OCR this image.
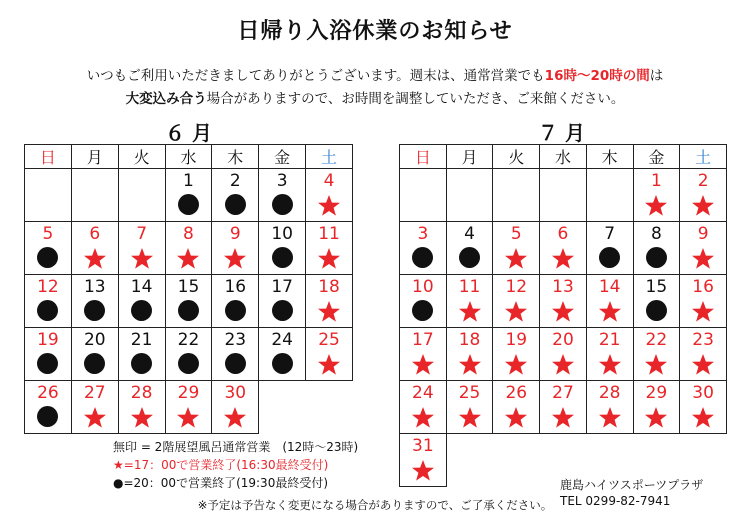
日帰り入浴休業のお知らせ
いつもご利用いただきましてありがとうございます。週末は、通常営業でも16時～20時の間は
大変込み合う場合がありますので、お時間を調整していただき、ご来館ください。
６ 月	７ 月
日	月	火	水	木	金	土

			1	2	3	4

5	6	7	8	9	10	11

12	13	14	15	16	17	18

19	20	21	22	23	24	25

26	27	28	29	30		

日	月	火	水	木	金	土

					1	2

3	4	5	6	7	8	9

10	11	12	13	14	15	16

17	18	19	20	21	22	23

24	25	26	27	28	29	30

31						

無印 = 2階展望風呂通常営業　(12時～23時)
★=17：00で営業終了(16:30最終受付)
●=20：00で営業終了(19:30最終受付)	鹿島ハイツスポーツプラザ
TEL 0299-82-7941
※予定は予告なく変更になる場合がありますので、ご了承ください。
